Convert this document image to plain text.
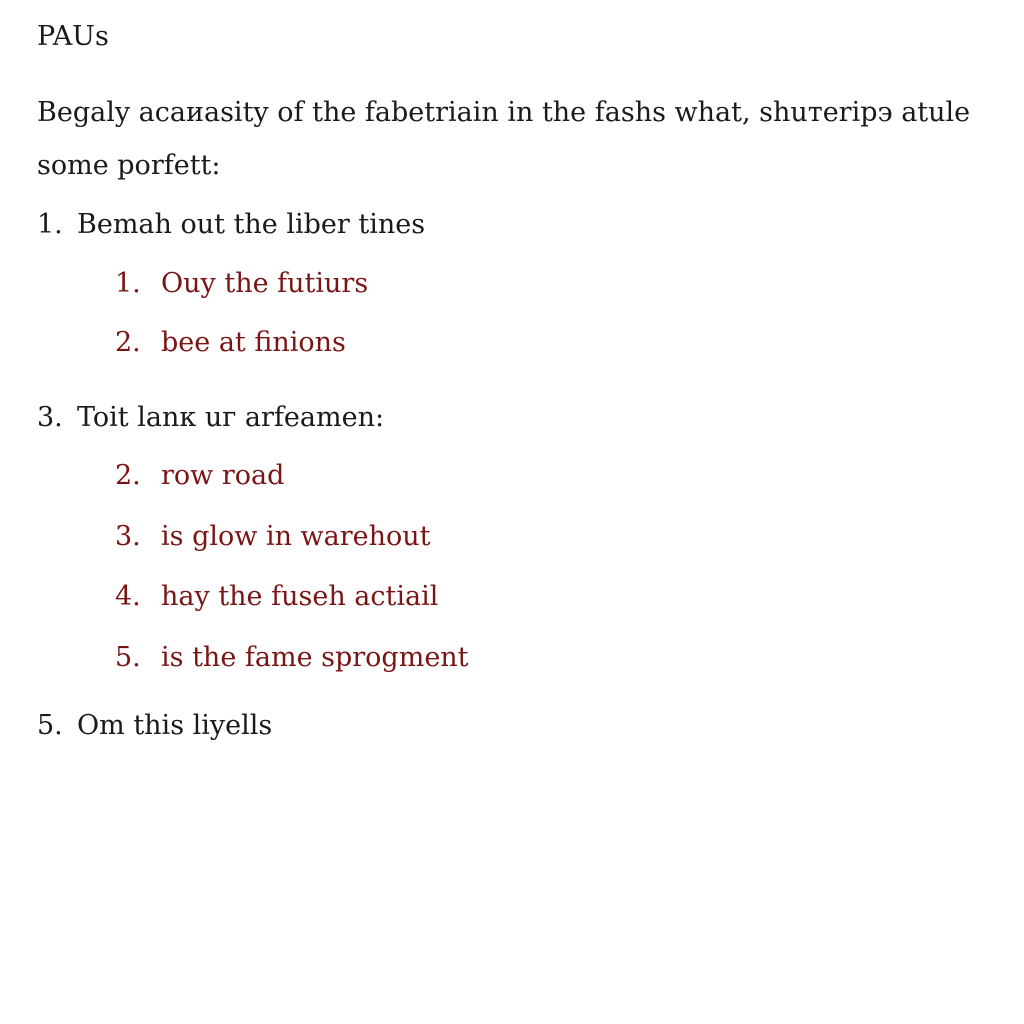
PAUs
Begaly acaиasity of the fabetriain in the fashs what, shuтeripэ atule some porfett:
1. Bemah out the liber tines
1. Ouy the futiurs
2. bee at finions
3. Toit lanк uг arfeamen:
2. row road
3. is glow in warehout
4. hay the fuseh actiail
5. is the fame sprogment
5. Om this liyells
